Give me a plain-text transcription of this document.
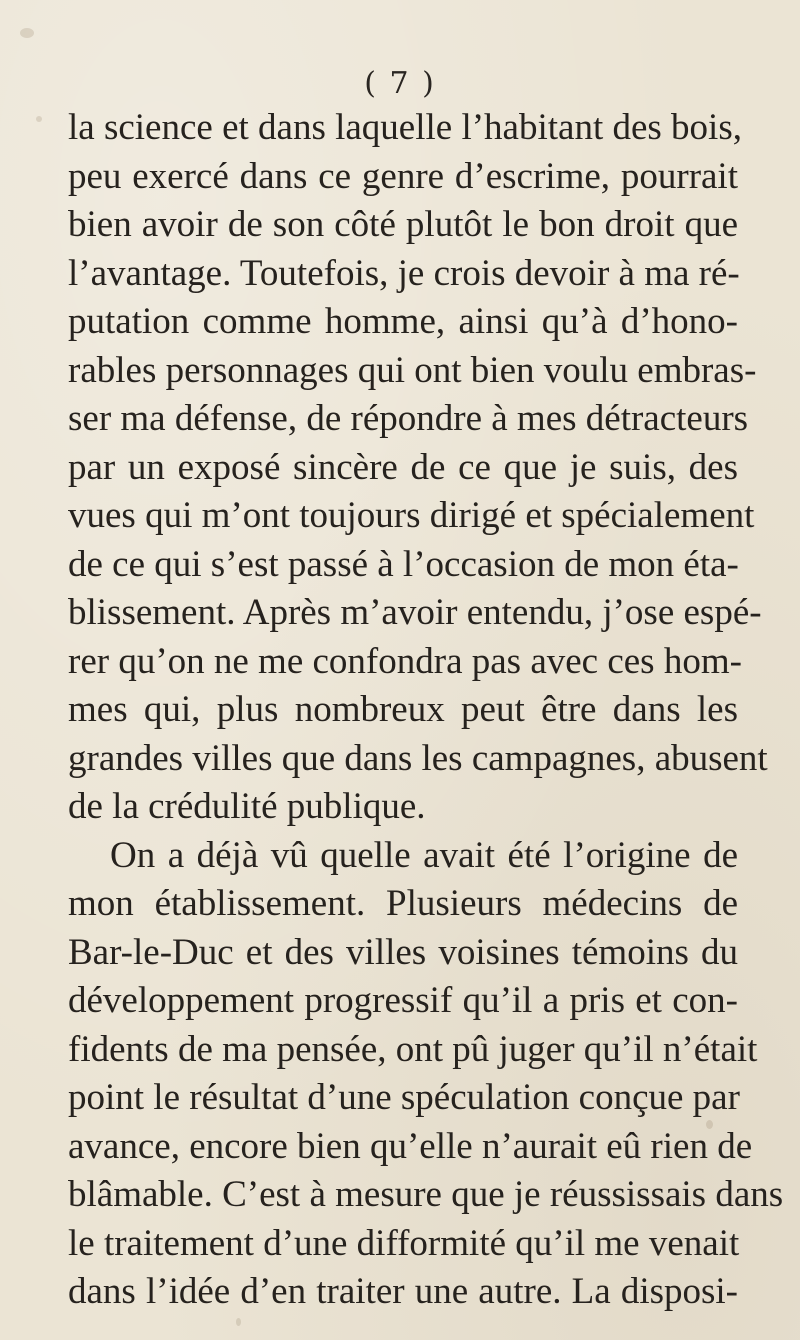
( 7 )
la science et dans laquelle l’habitant des bois,
peu exercé dans ce genre d’escrime, pourrait
bien avoir de son côté plutôt le bon droit que
l’avantage. Toutefois, je crois devoir à ma ré-
putation comme homme, ainsi qu’à d’hono-
rables personnages qui ont bien voulu embras-
ser ma défense, de répondre à mes détracteurs
par un exposé sincère de ce que je suis, des
vues qui m’ont toujours dirigé et spécialement
de ce qui s’est passé à l’occasion de mon éta-
blissement. Après m’avoir entendu, j’ose espé-
rer qu’on ne me confondra pas avec ces hom-
mes qui, plus nombreux peut être dans les
grandes villes que dans les campagnes, abusent
de la crédulité publique.
On a déjà vû quelle avait été l’origine de
mon établissement. Plusieurs médecins de
Bar-le-Duc et des villes voisines témoins du
développement progressif qu’il a pris et con-
fidents de ma pensée, ont pû juger qu’il n’était
point le résultat d’une spéculation conçue par
avance, encore bien qu’elle n’aurait eû rien de
blâmable. C’est à mesure que je réussissais dans
le traitement d’une difformité qu’il me venait
dans l’idée d’en traiter une autre. La disposi-
